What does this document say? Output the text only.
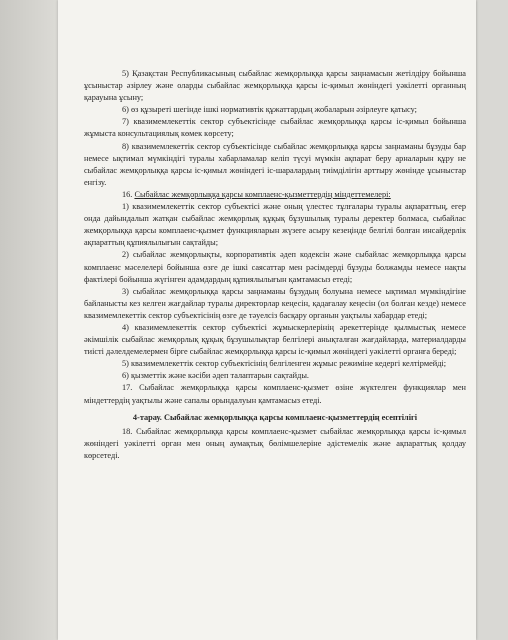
5) Қазақстан Республикасының сыбайлас жемқорлыққа қарсы заңнамасын жетілдіру бойынша ұсыныстар әзірлеу және оларды сыбайлас жемқорлыққа қарсы іс-қимыл жөніндегі уәкілетті органның қарауына ұсыну;

6) өз құзыреті шегінде ішкі нормативтік құжаттардың жобаларын әзірлеуге қатысу;

7) квазимемлекеттік сектор субъектісінде сыбайлас жемқорлыққа қарсы іс-қимыл бойынша жұмыста консультациялық көмек көрсету;

8) квазимемлекеттік сектор субъектісінде сыбайлас жемқорлыққа қарсы заңнаманы бұзуды бар немесе ықтимал мүмкіндігі туралы хабарламалар келіп түсуі мүмкін ақпарат беру арналарын құру не сыбайлас жемқорлыққа қарсы іс-қимыл жөніндегі іс-шаралардың тиімділігін арттыру жөнінде ұсыныстар енгізу.

16. Сыбайлас жемқорлыққа қарсы комплаенс-қызметтердің міндеттемелері:

1) квазимемлекеттік сектор субъектісі және оның үлестес тұлғалары туралы ақпараттың, егер онда дайындалып жатқан сыбайлас жемқорлық құқық бұзушылық туралы деректер болмаса, сыбайлас жемқорлыққа қарсы комплаенс-қызмет функцияларын жүзеге асыру кезеңінде белгілі болған инсайдерлік ақпараттың құпиялылығын сақтайды;

2) сыбайлас жемқорлықты, корпоративтік әдеп кодексін және сыбайлас жемқорлыққа қарсы комплаенс мәселелері бойынша өзге де ішкі саясаттар мен рәсімдерді бұзуды болжамды немесе нақты фактілері бойынша жүгінген адамдардың құпиялылығын қамтамасыз етеді;

3) сыбайлас жемқорлыққа қарсы заңнаманы бұзудың болуына немесе ықтимал мүмкіндігіне байланысты кез келген жағдайлар туралы директорлар кеңесін, қадағалау кеңесін (ол болған кезде) немесе квазимемлекеттік сектор субъектісінің өзге де тәуелсіз басқару органын уақтылы хабардар етеді;

4) квазимемлекеттік сектор субъектісі жұмыскерлерінің әрекеттерінде қылмыстық немесе әкімшілік сыбайлас жемқорлық құқық бұзушылықтар белгілері анықталған жағдайларда, материалдарды тиісті дәлелдемелермен бірге сыбайлас жемқорлыққа қарсы іс-қимыл жөніндегі уәкілетті органға береді;

5) квазимемлекеттік сектор субъектісінің белгіленген жұмыс режиміне кедергі келтірмейді;

6) қызметтік және кәсіби әдеп талаптарын сақтайды.

17. Сыбайлас жемқорлыққа қарсы комплаенс-қызмет өзіне жүктелген функциялар мен міндеттердің уақтылы және сапалы орындалуын қамтамасыз етеді.

4-тарау. Сыбайлас жемқорлыққа қарсы комплаенс-қызметтердің есептілігі

18. Сыбайлас жемқорлыққа қарсы комплаенс-қызмет сыбайлас жемқорлыққа қарсы іс-қимыл жөніндегі уәкілетті орган мен оның аумақтық бөлімшелеріне әдістемелік және ақпараттық қолдау көрсетеді.
